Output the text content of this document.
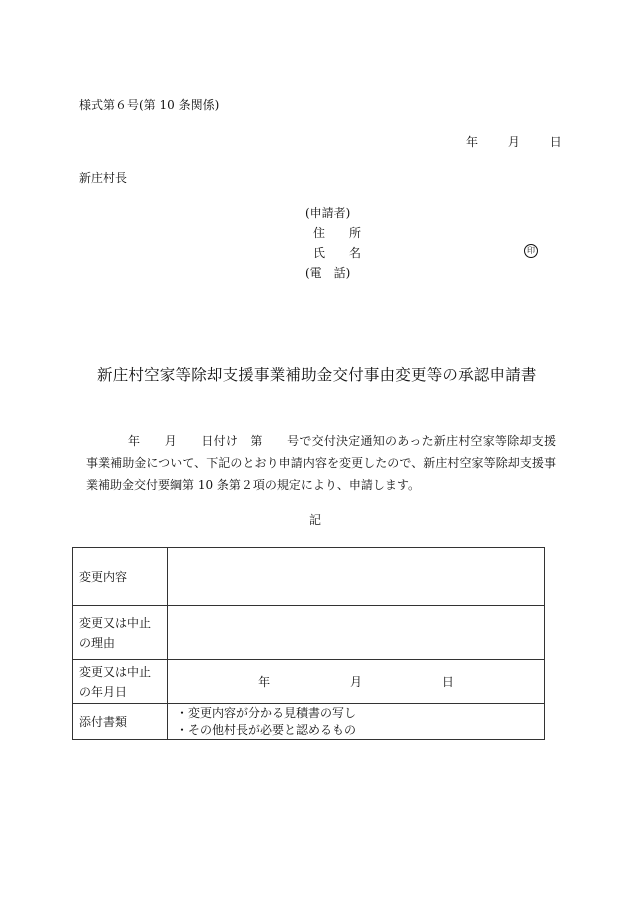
様式第６号(第 10 条関係)
年 月 日
新庄村長
(申請者)
住　　所
氏　　名	印
(電　話)
新庄村空家等除却支援事業補助金交付事由変更等の承認申請書
年　　月　　日付け　第　　号で交付決定通知のあった新庄村空家等除却支援事業補助金について、下記のとおり申請内容を変更したので、新庄村空家等除却支援事業補助金交付要綱第 10 条第２項の規定により、申請します。
記
変更内容	
変更又は中止の理由	
変更又は中止の年月日	年 月 日
添付書類	・変更内容が分かる見積書の写し
・その他村長が必要と認めるもの
